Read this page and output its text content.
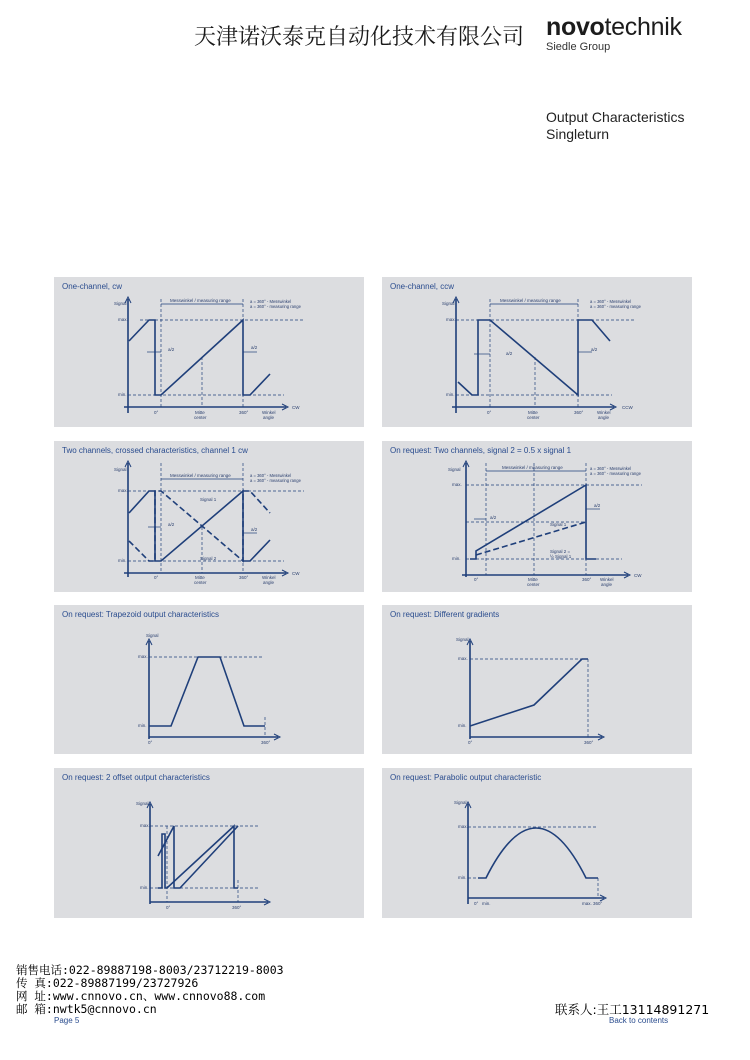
天津诺沃泰克自动化技术有限公司 novotechnik
Siedle Group
Output Characteristics
Singleturn
One-channel, cw
Signal
max.
min.
Messwinkel / measuring range	a = 360° - Messwinkel
a = 360° - measuring range
a/2	a/2
0°	Mitte
center
360°	Winkel
angle
CW
One-channel, ccw
Signal
max.
min.
Messwinkel / measuring range	a = 360° - Messwinkel
a = 360° - measuring range
a/2
a/2
0°	Mitte
center
360°	Winkel
angle
CCW
Two channels, crossed characteristics, channel 1 cw
Signal
max.
min.
Messwinkel / measuring range	a = 360° - Messwinkel
a = 360° - measuring range
Signal 1
Signal 2
a/2
a/2
0°	Mitte
center
360°	Winkel
angle
CW
On request: Two channels, signal 2 = 0.5 x signal 1
Signal
max.
min.
Messwinkel / measuring range	a = 360° - Messwinkel
a = 360° - measuring range
Signal 1
Signal 2 =
½ Signal 1
a/2
a/2
0°	Mitte
center
360° Winkel
angle
CW
On request: Trapezoid output characteristics
Signal
max.
min.
0°	360°
On request: Different gradients
Signal
max.
min.
0°	360°
On request: 2 offset output characteristics
Signal
max.
min.
0°	360°
On request: Parabolic output characteristic
Signal
max.
min.
0° min.	max. 360°
销售电话:022-89887198-8003/23712219-8003
传 真:022-89887199/23727926
网 址:www.cnnovo.cn、www.cnnovo88.com
邮 箱:nwtk5@cnnovo.cn
Page 5
联系人:王工13114891271
Back to contents
